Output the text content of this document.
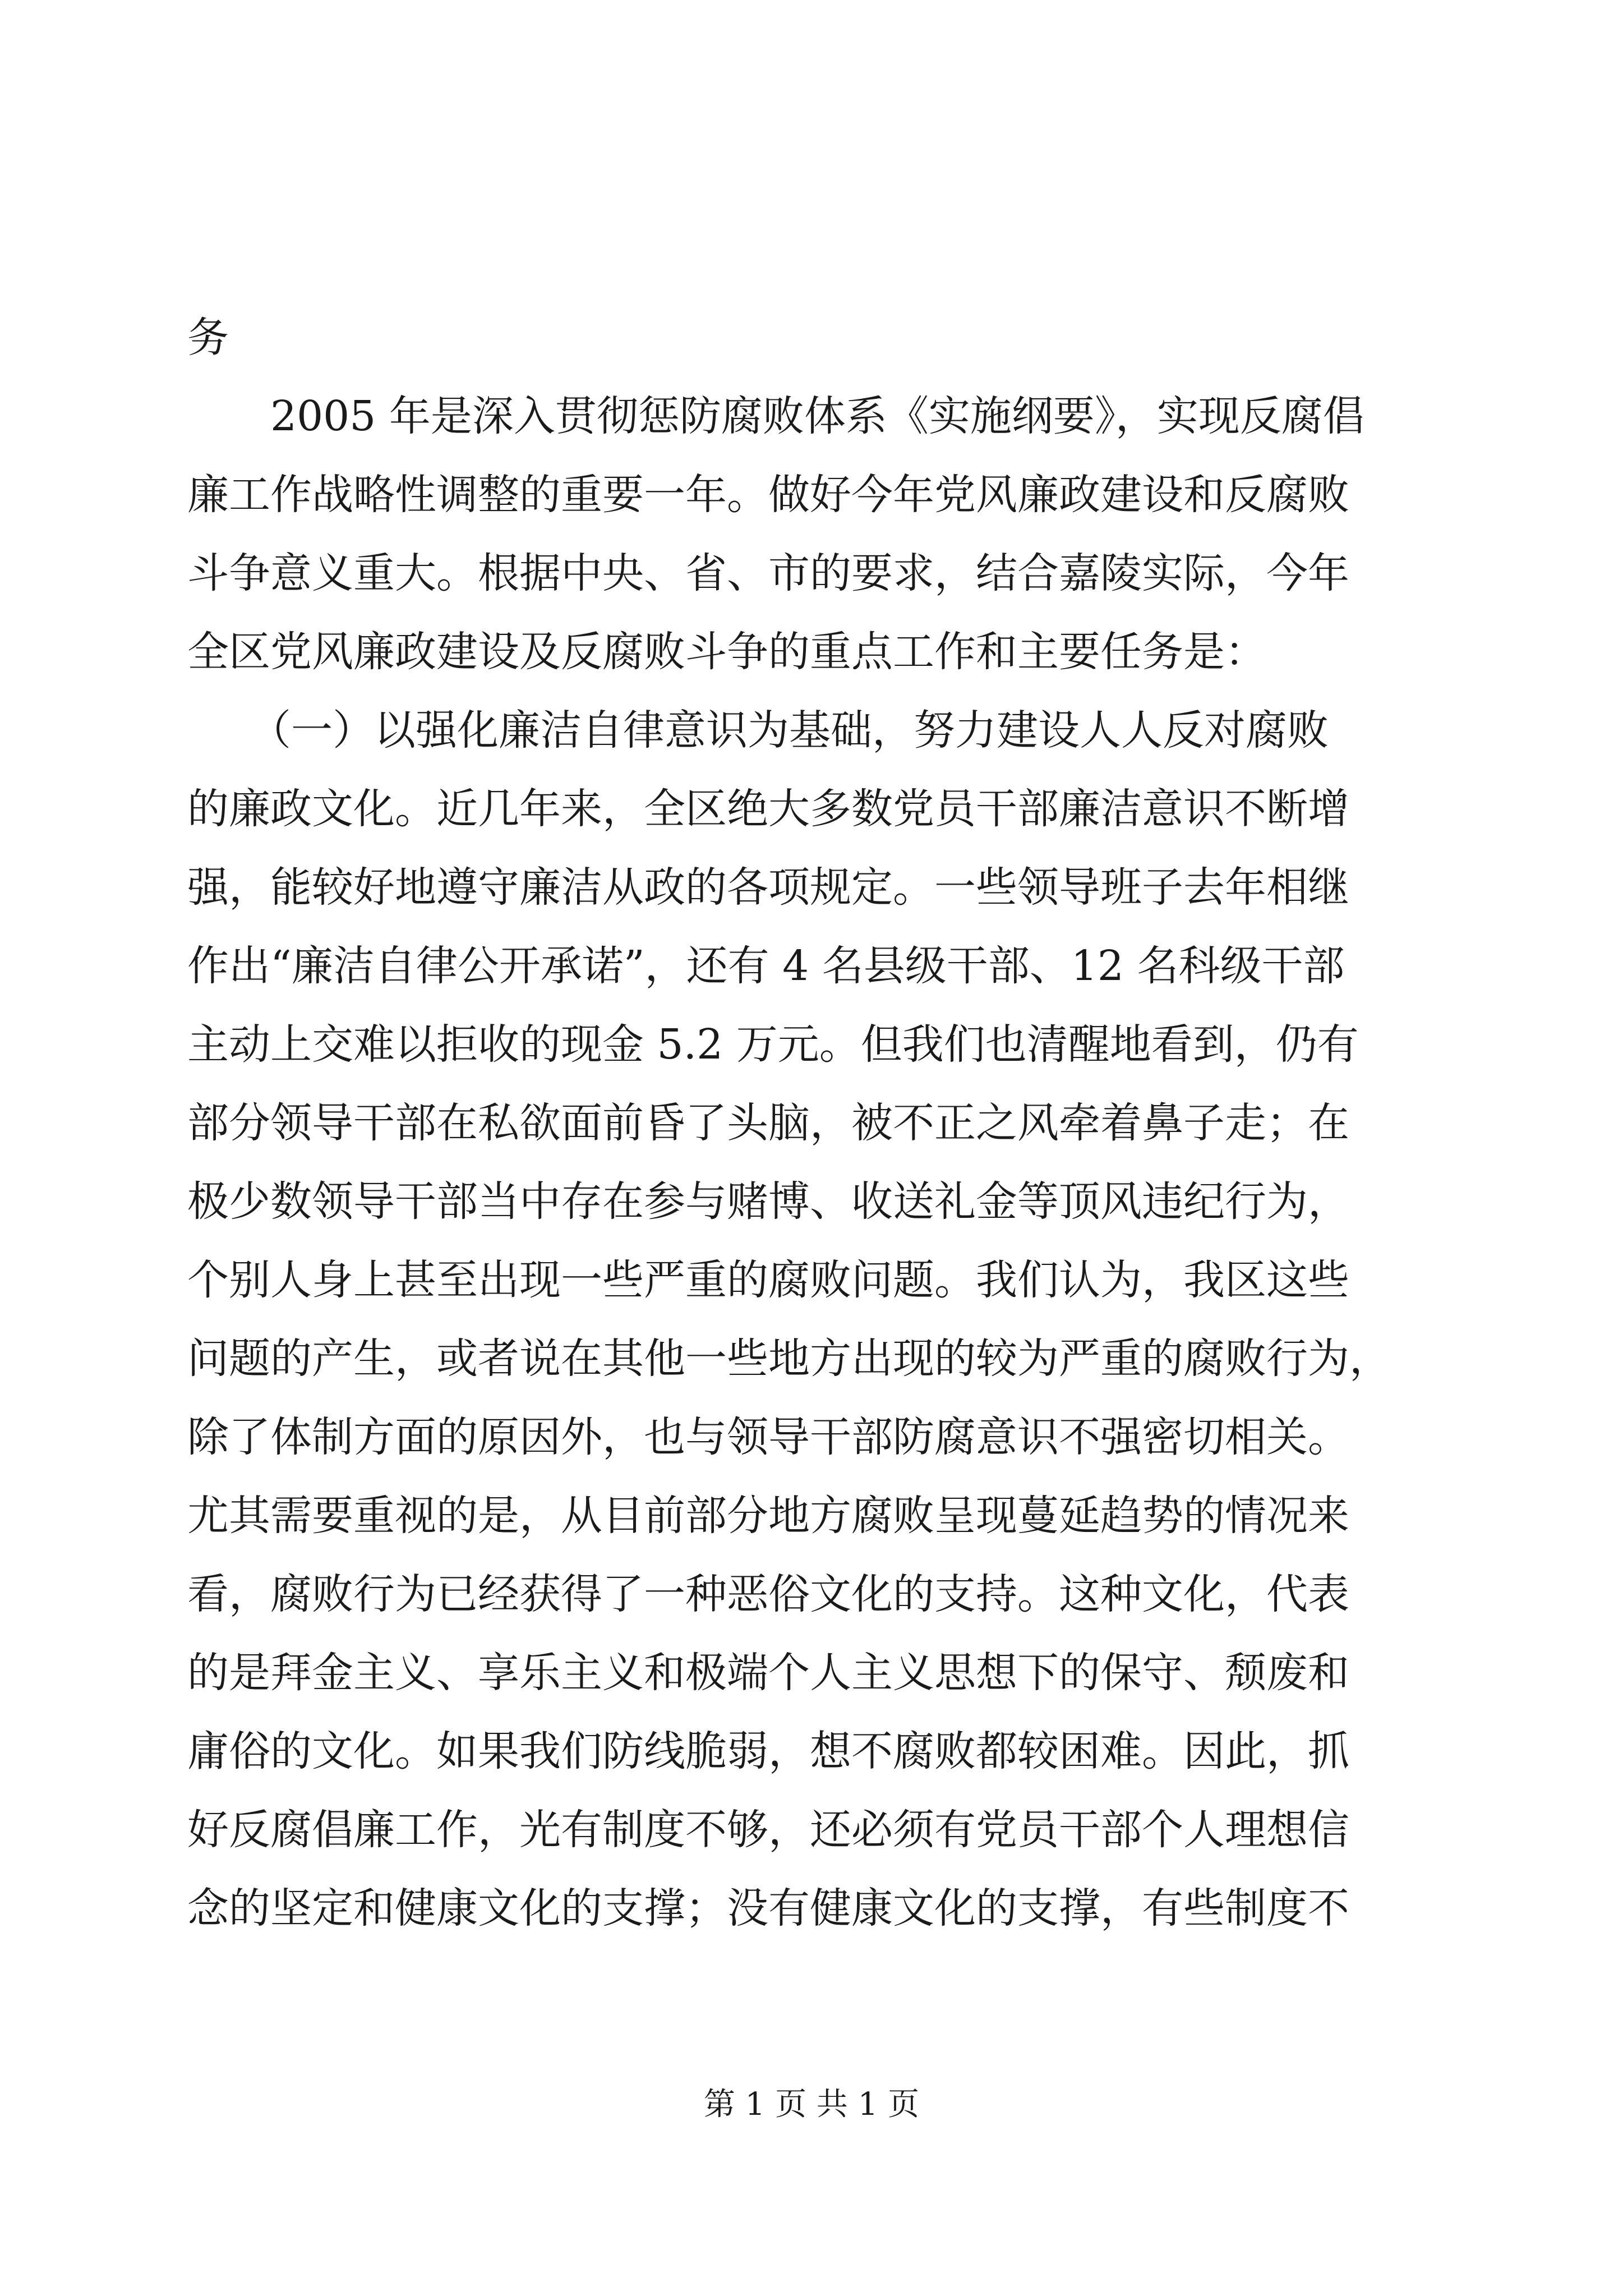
务
　　2005 年是深入贯彻惩防腐败体系《实施纲要》，实现反腐倡
廉工作战略性调整的重要一年。做好今年党风廉政建设和反腐败
斗争意义重大。根据中央、省、市的要求，结合嘉陵实际，今年
全区党风廉政建设及反腐败斗争的重点工作和主要任务是：
　　（一）以强化廉洁自律意识为基础，努力建设人人反对腐败
的廉政文化。近几年来，全区绝大多数党员干部廉洁意识不断增
强，能较好地遵守廉洁从政的各项规定。一些领导班子去年相继
作出“廉洁自律公开承诺”，还有 4 名县级干部、12 名科级干部
主动上交难以拒收的现金 5.2 万元。但我们也清醒地看到，仍有
部分领导干部在私欲面前昏了头脑，被不正之风牵着鼻子走；在
极少数领导干部当中存在参与赌博、收送礼金等顶风违纪行为，
个别人身上甚至出现一些严重的腐败问题。我们认为，我区这些
问题的产生，或者说在其他一些地方出现的较为严重的腐败行为，
除了体制方面的原因外，也与领导干部防腐意识不强密切相关。
尤其需要重视的是，从目前部分地方腐败呈现蔓延趋势的情况来
看，腐败行为已经获得了一种恶俗文化的支持。这种文化，代表
的是拜金主义、享乐主义和极端个人主义思想下的保守、颓废和
庸俗的文化。如果我们防线脆弱，想不腐败都较困难。因此，抓
好反腐倡廉工作，光有制度不够，还必须有党员干部个人理想信
念的坚定和健康文化的支撑；没有健康文化的支撑，有些制度不
第 1 页 共 1 页
